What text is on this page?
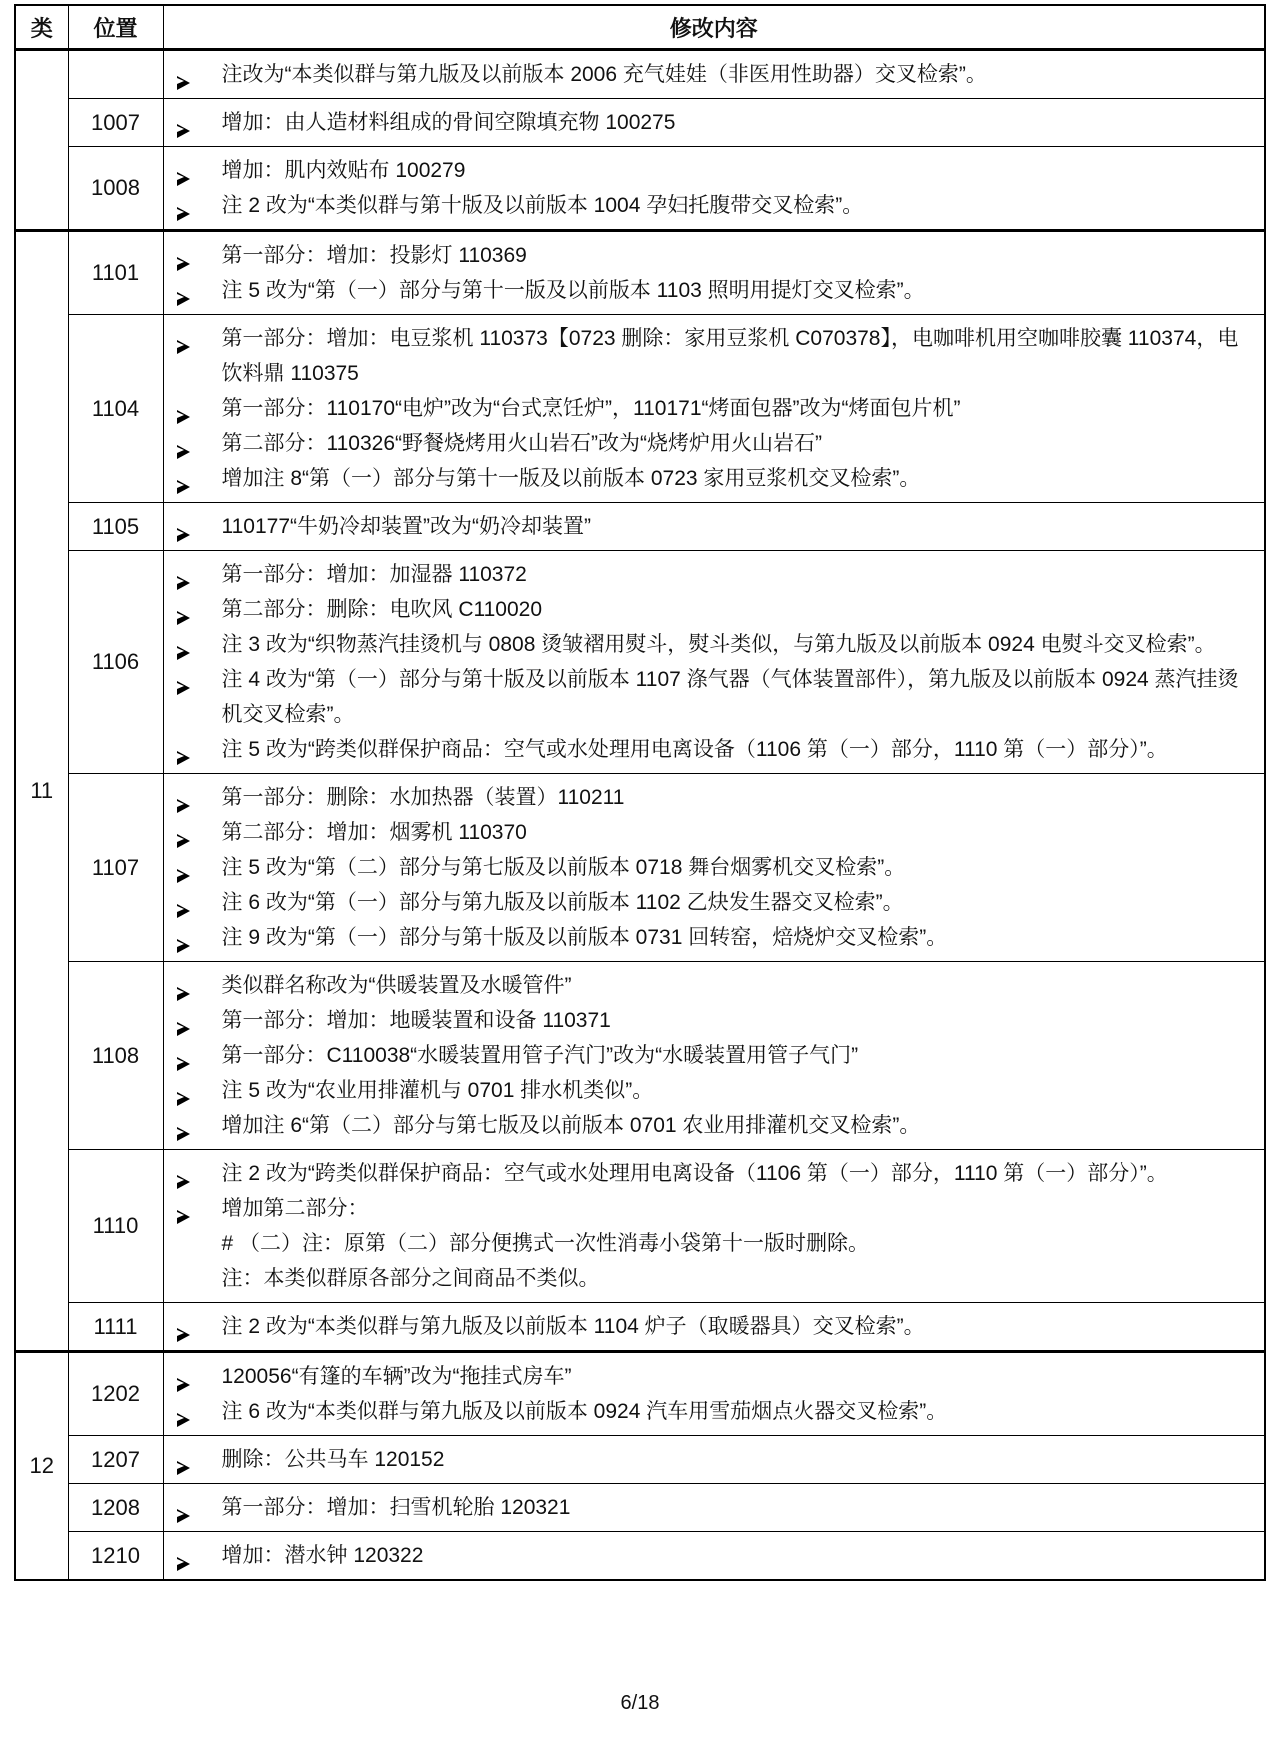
类	位置	修改内容

		注改为“本类似群与第九版及以前版本 2006 充气娃娃（非医用性助器）交叉检索”。

	1007	增加：由人造材料组成的骨间空隙填充物 100275

	1008	增加：肌内效贴布 100279
注 2 改为“本类似群与第十版及以前版本 1004 孕妇托腹带交叉检索”。

11	1101	第一部分：增加：投影灯 110369
注 5 改为“第（一）部分与第十一版及以前版本 1103 照明用提灯交叉检索”。

	1104	第一部分：增加：电豆浆机 110373【0723 删除：家用豆浆机 C070378】，电咖啡机用空咖啡胶囊 110374，电饮料鼎 110375
第一部分：110170“电炉”改为“台式烹饪炉”，110171“烤面包器”改为“烤面包片机”
第二部分：110326“野餐烧烤用火山岩石”改为“烧烤炉用火山岩石”
增加注 8“第（一）部分与第十一版及以前版本 0723 家用豆浆机交叉检索”。

	1105	110177“牛奶冷却装置”改为“奶冷却装置”

	1106	第一部分：增加：加湿器 110372
第二部分：删除：电吹风 C110020
注 3 改为“织物蒸汽挂烫机与 0808 烫皱褶用熨斗，熨斗类似，与第九版及以前版本 0924 电熨斗交叉检索”。
注 4 改为“第（一）部分与第十版及以前版本 1107 涤气器（气体装置部件），第九版及以前版本 0924 蒸汽挂烫机交叉检索”。
注 5 改为“跨类似群保护商品：空气或水处理用电离设备（1106 第（一）部分，1110 第（一）部分）”。

	1107	第一部分：删除：水加热器（装置）110211
第二部分：增加：烟雾机 110370
注 5 改为“第（二）部分与第七版及以前版本 0718 舞台烟雾机交叉检索”。
注 6 改为“第（一）部分与第九版及以前版本 1102 乙炔发生器交叉检索”。
注 9 改为“第（一）部分与第十版及以前版本 0731 回转窑，焙烧炉交叉检索”。

	1108	类似群名称改为“供暖装置及水暖管件”
第一部分：增加：地暖装置和设备 110371
第一部分：C110038“水暖装置用管子汽门”改为“水暖装置用管子气门”
注 5 改为“农业用排灌机与 0701 排水机类似”。
增加注 6“第（二）部分与第七版及以前版本 0701 农业用排灌机交叉检索”。

	1110	注 2 改为“跨类似群保护商品：空气或水处理用电离设备（1106 第（一）部分，1110 第（一）部分）”。
增加第二部分：
# （二）注：原第（二）部分便携式一次性消毒小袋第十一版时删除。
注：本类似群原各部分之间商品不类似。

	1111	注 2 改为“本类似群与第九版及以前版本 1104 炉子（取暖器具）交叉检索”。

12	1202	120056“有篷的车辆”改为“拖挂式房车”
注 6 改为“本类似群与第九版及以前版本 0924 汽车用雪茄烟点火器交叉检索”。

	1207	删除：公共马车 120152

	1208	第一部分：增加：扫雪机轮胎 120321

	1210	增加：潜水钟 120322
6/18
